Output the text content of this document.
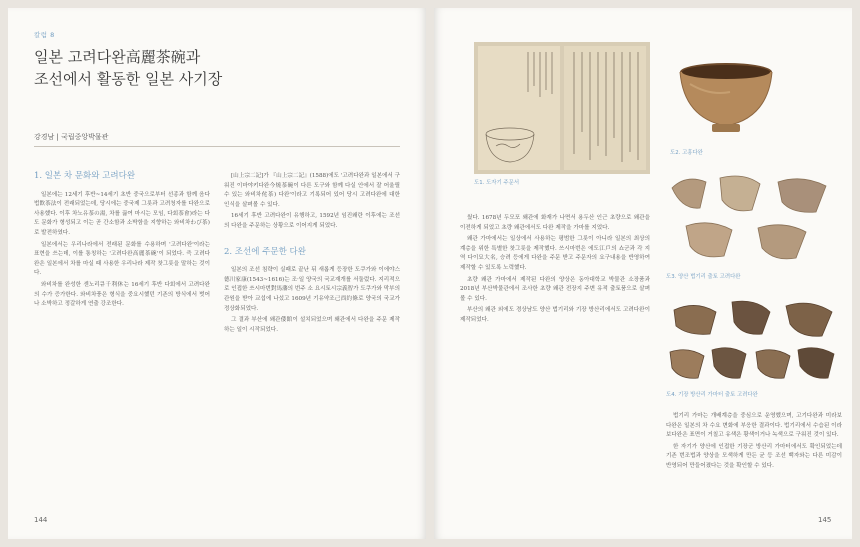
칼럼 8
일본 고려다완高麗茶碗과
조선에서 활동한 일본 사기장
강경남 | 국립중앙박물관
1. 일본 차 문화와 고려다완

일본에는 12세기 후반~14세기 초반 중국으로부터 선종과 함께 음다법飲茶法이 전래되었는데, 당시에는 중국제 그릇과 고려청자를 다완으로 사용했다. 이후 차노유茶の湯, 차를 끓여 마시는 모임, 다회茶會)라는 다도 문화가 형성되고 이는 곧 간소함과 소박함을 지향하는 와비차わび茶)로 발전하였다.

일본에서는 우리나라에서 전래된 문화를 수용하며 '고려다완'이라는 표현을 쓰는데, 이를 통칭하는 '고려다완高麗茶碗'이 되었다. 즉 고려다완은 일본에서 차를 마실 때 사용한 우리나라 제작 찻그릇을 말하는 것이다.

와비차를 완성한 센노리큐千利休는 16세기 후반 다회에서 고려다완의 수가 증가한다. 와비차풍은 형식을 중요시했던 기존의 방식에서 벗어나 소박하고 정갈하게 연출 강조한다.

[山上宗二記]가 『山上宗二記』(1588)에도 '고려다완과 일본에서 구워진 이마야키다완今燒茶碗이 다른 도구와 함께 다실 안에서 잘 어울릴 수 있는 와비차侘茶) 다완'이라고 기록되어 있어 당시 고려다완에 대한 인식을 살펴볼 수 있다.

16세기 후반 고려다완이 유행하고, 1592년 임진왜란 이후에는 조선의 다완을 주문하는 상황으로 이어지게 되었다.

2. 조선에 주문한 다완

일본의 조선 침략이 실패로 끝난 뒤 새롭게 등장한 도쿠가와 이에야스德川家康(1543~1616)는 조·일 양국의 국교재개를 서둘렀다. 지리적으로 인접한 쓰시마번對馬藩의 번주 소 요시토시宗義智가 도쿠가와 막부의 관원을 받아 교섭에 나섰고 1609년 기유약조己酉約條로 양국의 국교가 정상화되었다.

그 결과 부산에 왜관倭館이 설치되었으며 왜관에서 다완을 주문 제작하는 일이 시작되었다.

144
도1. 도자기 주문서
도2. 고흥다완
도3. 양산 법기리 출토 고려다완
도4. 기장 방산리 가마터 출토 고려다완

웠다. 1678년 두모포 왜관에 화재가 나면서 용두산 인근 초량으로 왜관을 이전하게 되었고 초량 왜관에서도 다완 제작을 가마를 지었다.

왜관 가마에서는 일상에서 사용하는 평범한 그릇이 아니라 일본의 최상의 계층을 위한 특별한 찻그릇을 제작했다. 쓰시마번은 에도江戶의 쇼군과 각 지역 다이묘大名, 승려 등에게 다완을 주문 받고 주문자의 요구내용을 반영하여 제작할 수 있도록 노력했다.

초량 왜관 가마에서 제작된 다완의 양상은 동아대학교 박물관 소장품과 2018년 부산박물관에서 조사한 초량 왜관 전장지 주변 유적 출토품으로 살펴볼 수 있다.

부산의 왜관 외에도 경상남도 양산 법기리와 기장 방산리에서도 고려다완이 제작되었다.

법기리 가마는 개배계층을 중심으로 운영했으며, 고기다완과 미라보다완은 일본의 차 수요 변화에 부응한 결과이다. 법기리에서 수습된 이라보다완은 표면이 거칠고 유색은 황색이거나 녹색으로 구워진 것이 있다.

한 자기가 양산에 인접한 기장군 방산리 가마터에서도 확인되었는데 기존 번조법과 양상을 모색하게 만든 균 등 조선 백자와는 다른 미감이 반영되어 만들어졌다는 것을 확인할 수 있다.

145
